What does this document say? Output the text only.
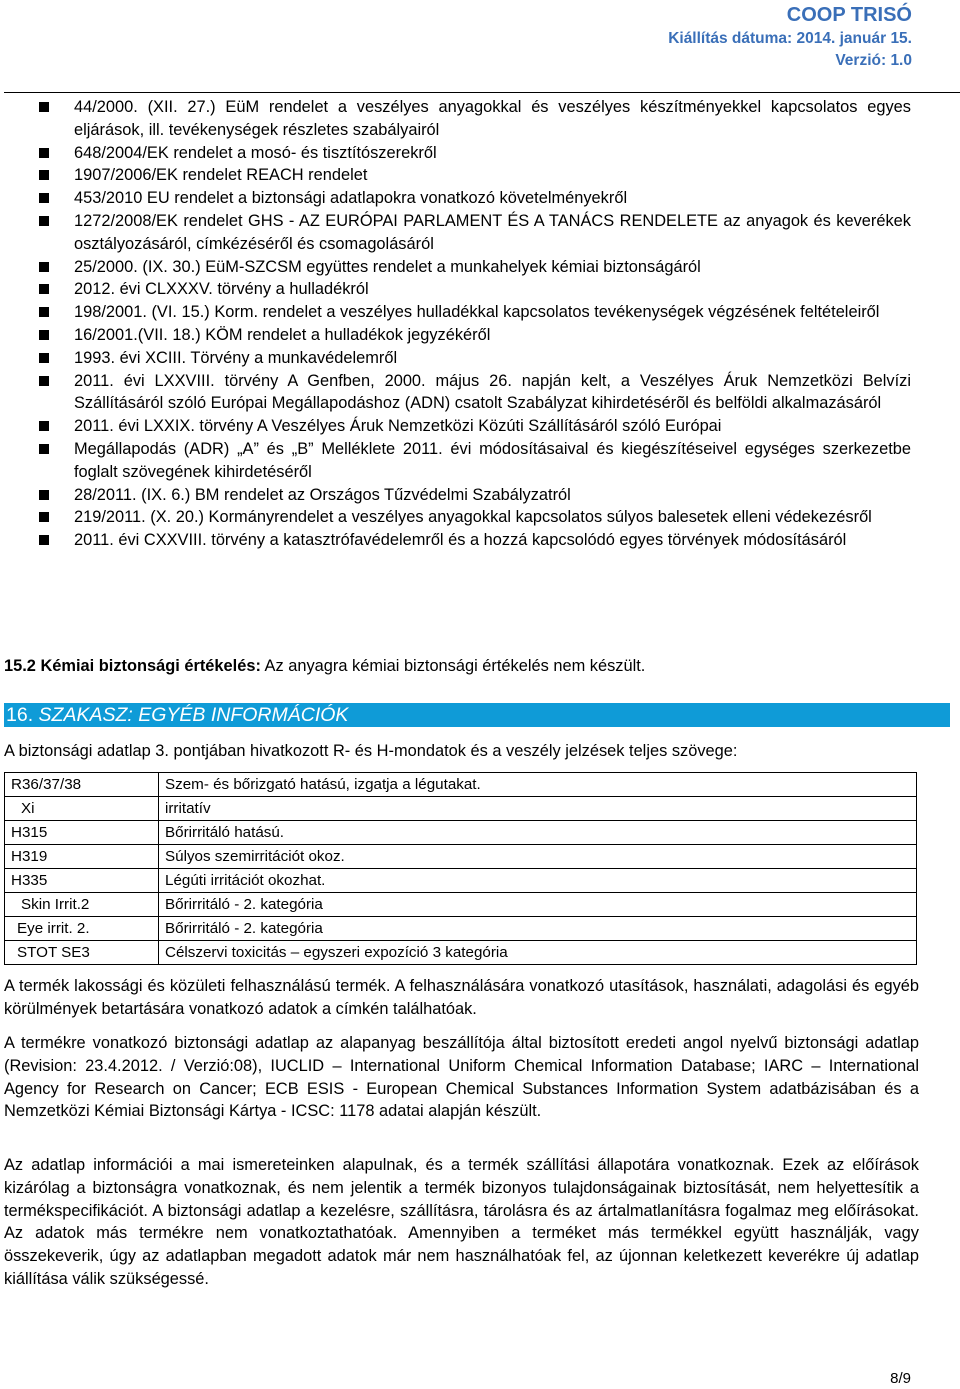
COOP TRISÓ
Kiállítás dátuma: 2014. január 15.
Verzió: 1.0
44/2000. (XII. 27.) EüM rendelet a veszélyes anyagokkal és veszélyes készítményekkel kapcsolatos egyes eljárások, ill. tevékenységek részletes szabályairól
648/2004/EK rendelet a mosó- és tisztítószerekről
1907/2006/EK rendelet REACH rendelet
453/2010 EU rendelet a biztonsági adatlapokra vonatkozó követelményekről
1272/2008/EK rendelet GHS - AZ EURÓPAI PARLAMENT ÉS A TANÁCS RENDELETE az anyagok és keverékek osztályozásáról, címkézéséről és csomagolásáról
25/2000. (IX. 30.) EüM-SZCSM együttes rendelet a munkahelyek kémiai biztonságáról
2012. évi CLXXXV. törvény a hulladékról
198/2001. (VI. 15.) Korm. rendelet a veszélyes hulladékkal kapcsolatos tevékenységek végzésének feltételeiről
16/2001.(VII. 18.) KÖM rendelet a hulladékok jegyzékéről
1993. évi XCIII. Törvény a munkavédelemről
2011. évi LXXVIII. törvény A Genfben, 2000. május 26. napján kelt, a Veszélyes Áruk Nemzetközi Belvízi Szállításáról szóló Európai Megállapodáshoz (ADN) csatolt Szabályzat kihirdetésérõl és belföldi alkalmazásáról
2011. évi LXXIX. törvény A Veszélyes Áruk Nemzetközi Közúti Szállításáról szóló Európai
Megállapodás (ADR) „A” és „B” Melléklete 2011. évi módosításaival és kiegészítéseivel egységes szerkezetbe foglalt szövegének kihirdetéséről
28/2011. (IX. 6.) BM rendelet az Országos Tűzvédelmi Szabályzatról
219/2011. (X. 20.) Kormányrendelet a veszélyes anyagokkal kapcsolatos súlyos balesetek elleni védekezésről
2011. évi CXXVIII. törvény a katasztrófavédelemről és a hozzá kapcsolódó egyes törvények módosításáról
15.2 Kémiai biztonsági értékelés: Az anyagra kémiai biztonsági értékelés nem készült.
16. SZAKASZ: EGYÉB INFORMÁCIÓK
A biztonsági adatlap 3. pontjában hivatkozott R- és H-mondatok és a veszély jelzések teljes szövege:
R36/37/38	Szem- és bőrizgató hatású, izgatja a légutakat.
Xi	irritatív
H315	Bőrirritáló hatású.
H319	Súlyos szemirritációt okoz.
H335	Légúti irritációt okozhat.
Skin Irrit.2	Bőrirritáló - 2. kategória
Eye irrit. 2.	Bőrirritáló - 2. kategória
STOT SE3	Célszervi toxicitás – egyszeri expozíció 3 kategória
A termék lakossági és közületi felhasználású termék. A felhasználására vonatkozó utasítások, használati, adagolási és egyéb körülmények betartására vonatkozó adatok a címkén találhatóak.
A termékre vonatkozó biztonsági adatlap az alapanyag beszállítója által biztosított eredeti angol nyelvű biztonsági adatlap (Revision: 23.4.2012. / Verzió:08), IUCLID – International Uniform Chemical Information Database; IARC – International Agency for Research on Cancer; ECB ESIS - European Chemical Substances Information System adatbázisában és a Nemzetközi Kémiai Biztonsági Kártya - ICSC: 1178 adatai alapján készült.
Az adatlap információi a mai ismereteinken alapulnak, és a termék szállítási állapotára vonatkoznak. Ezek az előírások kizárólag a biztonságra vonatkoznak, és nem jelentik a termék bizonyos tulajdonságainak biztosítását, nem helyettesítik a termékspecifikációt. A biztonsági adatlap a kezelésre, szállításra, tárolásra és az ártalmatlanításra fogalmaz meg előírásokat. Az adatok más termékre nem vonatkoztathatóak. Amennyiben a terméket más termékkel együtt használják, vagy összekeverik, úgy az adatlapban megadott adatok már nem használhatóak fel, az újonnan keletkezett keverékre új adatlap kiállítása válik szükségessé.
8/9
